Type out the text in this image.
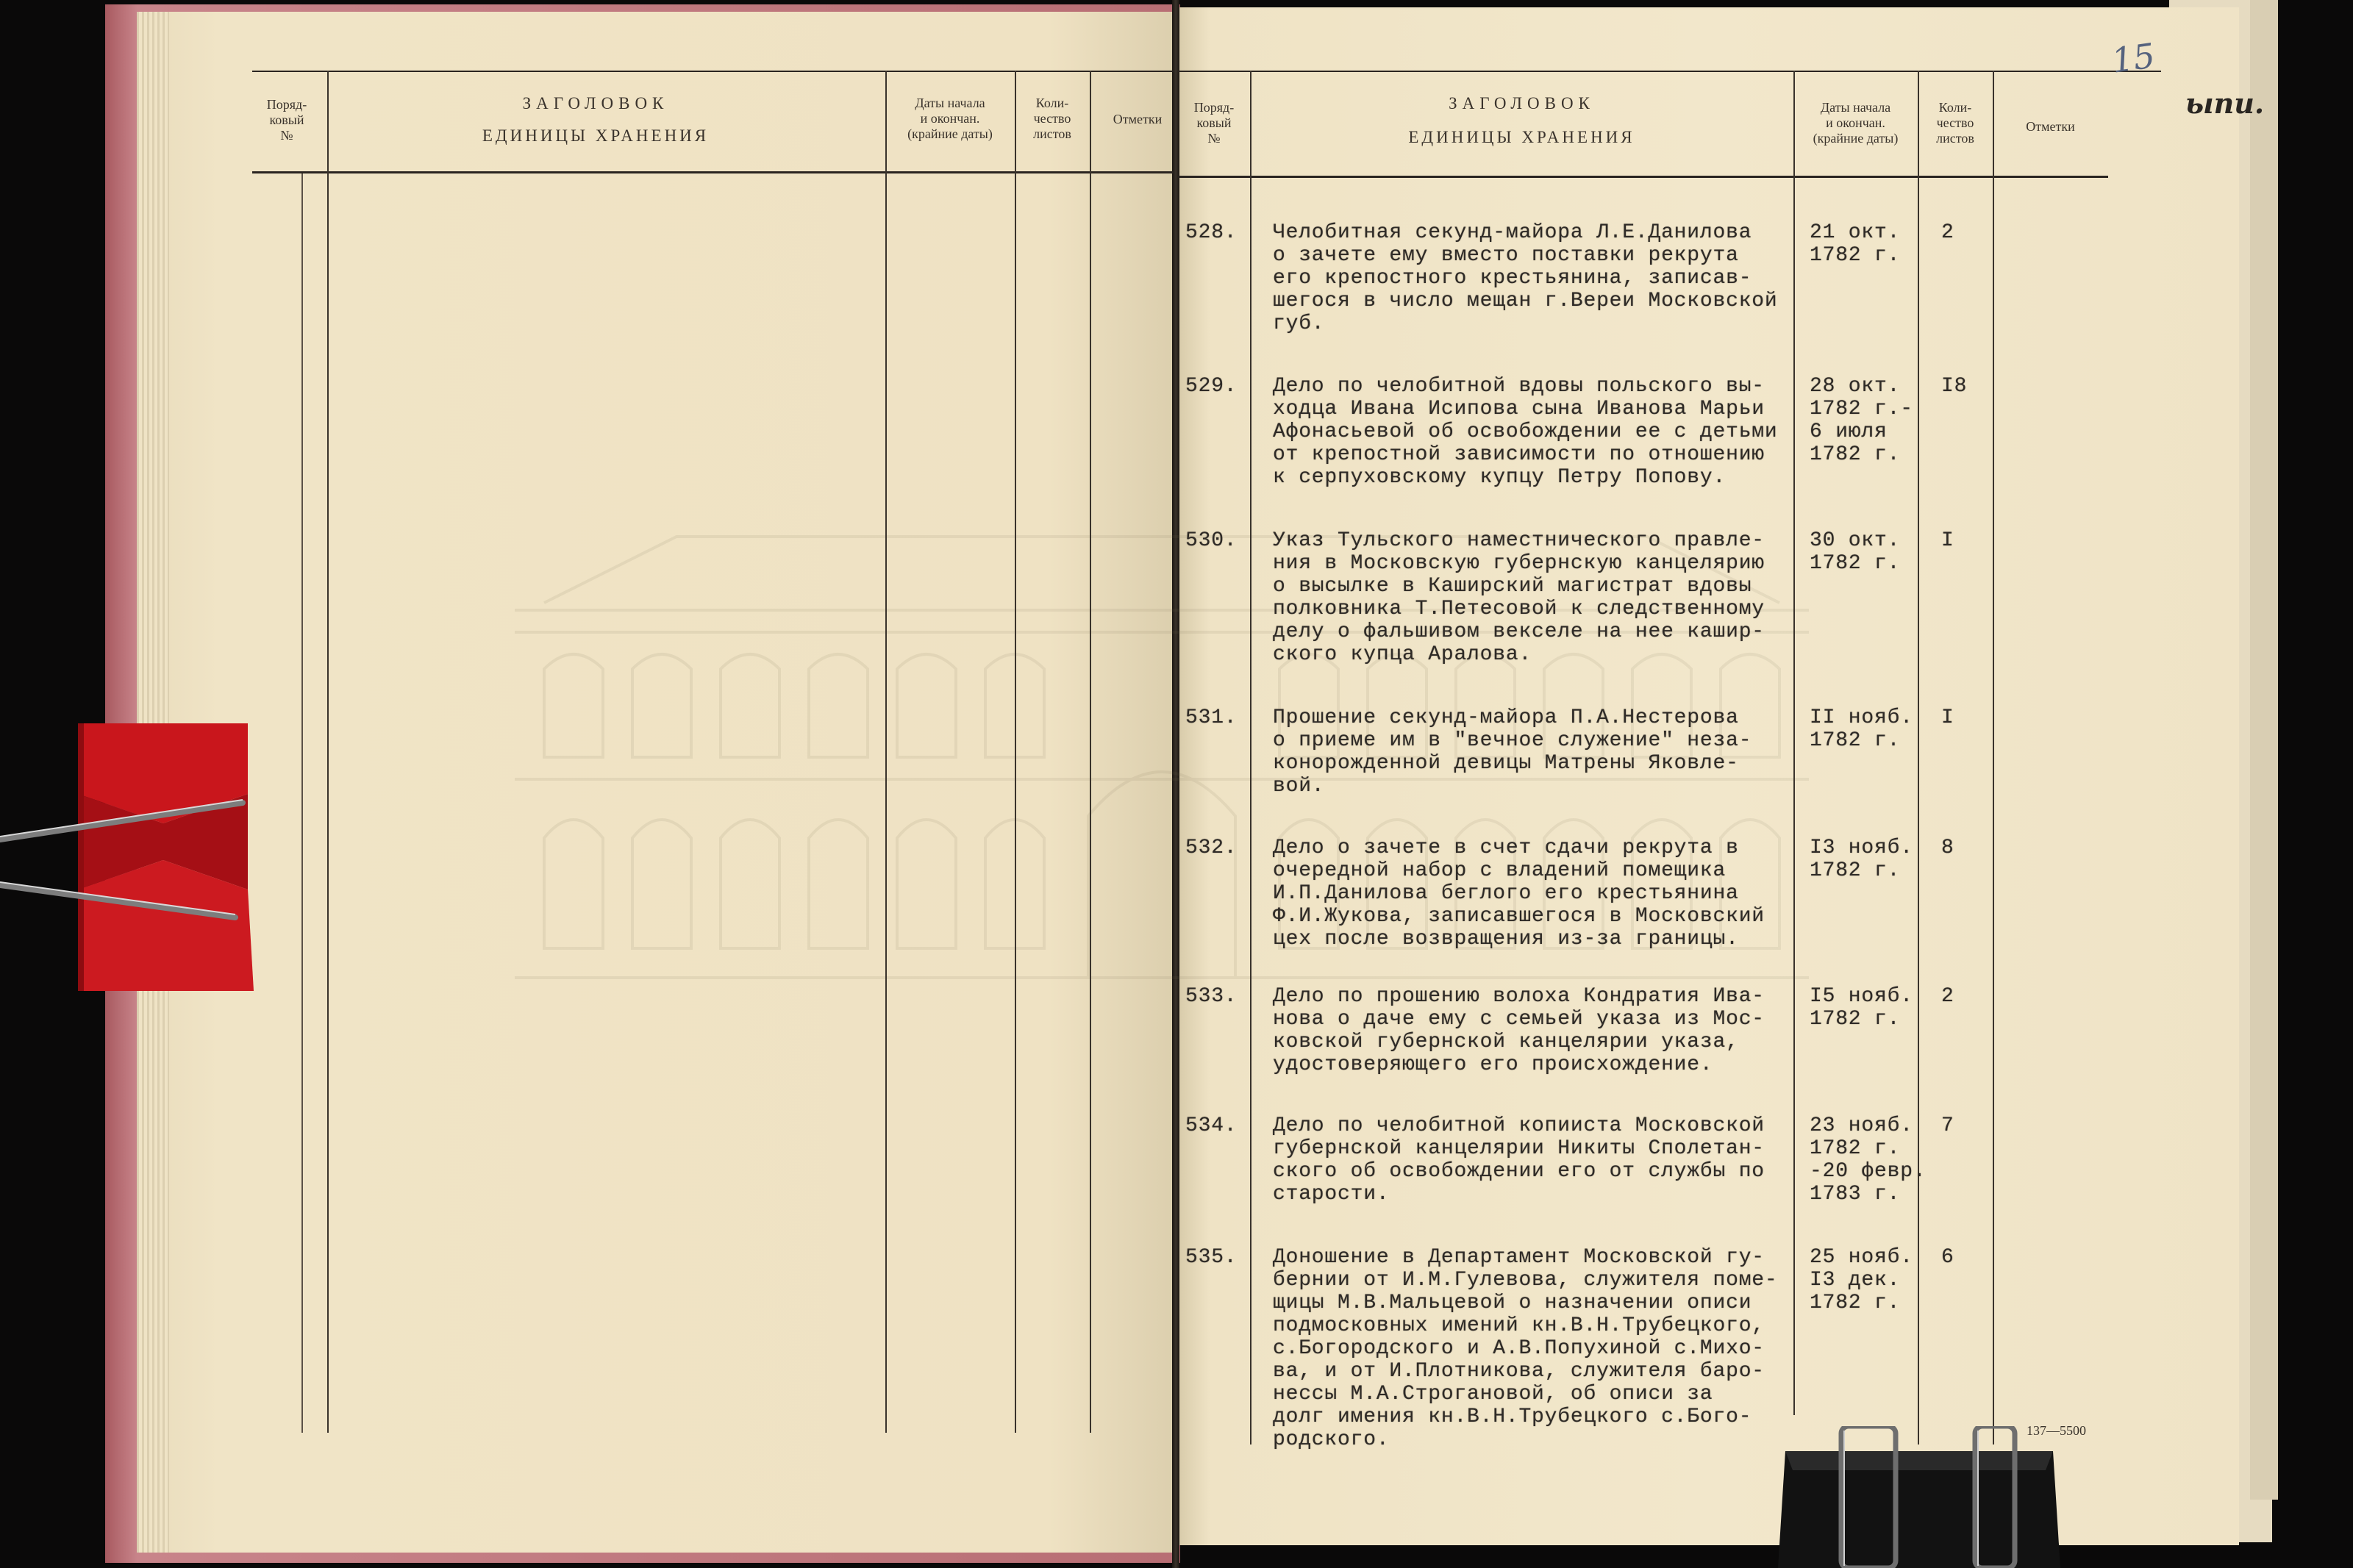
Поряд-
ковый
№
ЗАГОЛОВОК
ЕДИНИЦЫ ХРАНЕНИЯ
Даты начала
и окончан.
(крайние даты)
Коли-
чество
листов
Отметки
Поряд-
ковый
№
ЗАГОЛОВОК
ЕДИНИЦЫ ХРАНЕНИЯ
Даты начала
и окончан.
(крайние даты)
Коли-
чество
листов
Отметки
15
ыпи.
137—5500
528. Челобитная секунд-майора Л.Е.Данилова
о зачете ему вместо поставки рекрута
его крепостного крестьянина, записав-
шегося в число мещан г.Вереи Московской
губ.
21 окт.
1782 г.
2
529. Дело по челобитной вдовы польского вы-
ходца Ивана Исипова сына Иванова Марьи
Афонасьевой об освобождении ее с детьми
от крепостной зависимости по отношению
к серпуховскому купцу Петру Попову.
28 окт.
1782 г.-
6 июля
1782 г.
I8
530. Указ Тульского наместнического правле-
ния в Московскую губернскую канцелярию
о высылке в Каширский магистрат вдовы
полковника Т.Петесовой к следственному
делу о фальшивом векселе на нее кашир-
ского купца Аралова.
30 окт.
1782 г.
I
531. Прошение секунд-майора П.А.Нестерова
о приеме им в "вечное служение" неза-
конорожденной девицы Матрены Яковле-
вой.
II нояб.
1782 г.
I
532. Дело о зачете в счет сдачи рекрута в
очередной набор с владений помещика
И.П.Данилова беглого его крестьянина
Ф.И.Жукова, записавшегося в Московский
цех после возвращения из-за границы.
I3 нояб.
1782 г.
8
533. Дело по прошению волоха Кондратия Ива-
нова о даче ему с семьей указа из Мос-
ковской губернской канцелярии указа,
удостоверяющего его происхождение.
I5 нояб.
1782 г.
2
534. Дело по челобитной копииста Московской
губернской канцелярии Никиты Сполетан-
ского об освобождении его от службы по
старости.
23 нояб.
1782 г.
-20 февр.
1783 г.
7
535. Доношение в Департамент Московской гу-
бернии от И.М.Гулевова, служителя поме-
щицы М.В.Мальцевой о назначении описи
подмосковных имений кн.В.Н.Трубецкого,
с.Богородского и А.В.Попухиной с.Михо-
ва, и от И.Плотникова, служителя баро-
нессы М.А.Строгановой, об описи за
долг имения кн.В.Н.Трубецкого с.Бого-
родского.
25 нояб.
I3 дек.
1782 г.
6
